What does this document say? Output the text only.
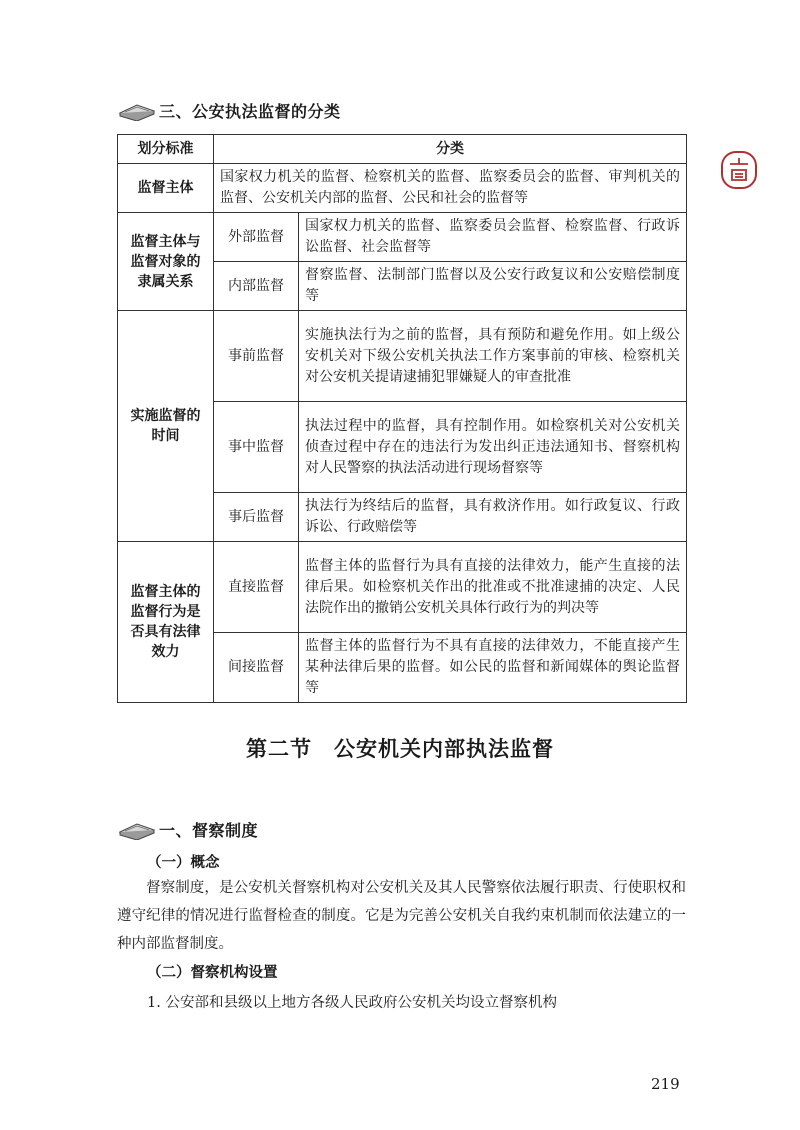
三、公安执法监督的分类
划分标准	分类	
监督主体	国家权力机关的监督、检察机关的监督、监察委员会的监督、审判机关的监督、公安机关内部的监督、公民和社会的监督等	
监督主体与监督对象的隶属关系	外部监督	国家权力机关的监督、监察委员会监督、检察监督、行政诉讼监督、社会监督等
	内部监督	督察监督、法制部门监督以及公安行政复议和公安赔偿制度等
实施监督的时间	事前监督	实施执法行为之前的监督，具有预防和避免作用。如上级公安机关对下级公安机关执法工作方案事前的审核、检察机关对公安机关提请逮捕犯罪嫌疑人的审查批准
	事中监督	执法过程中的监督，具有控制作用。如检察机关对公安机关侦查过程中存在的违法行为发出纠正违法通知书、督察机构对人民警察的执法活动进行现场督察等
	事后监督	执法行为终结后的监督，具有救济作用。如行政复议、行政诉讼、行政赔偿等
监督主体的监督行为是否具有法律效力	直接监督	监督主体的监督行为具有直接的法律效力，能产生直接的法律后果。如检察机关作出的批准或不批准逮捕的决定、人民法院作出的撤销公安机关具体行政行为的判决等
	间接监督	监督主体的监督行为不具有直接的法律效力，不能直接产生某种法律后果的监督。如公民的监督和新闻媒体的舆论监督等
第二节　公安机关内部执法监督
一、督察制度
（一）概念
督察制度，是公安机关督察机构对公安机关及其人民警察依法履行职责、行使职权和遵守纪律的情况进行监督检查的制度。它是为完善公安机关自我约束机制而依法建立的一种内部监督制度。
（二）督察机构设置
1. 公安部和县级以上地方各级人民政府公安机关均设立督察机构
219
